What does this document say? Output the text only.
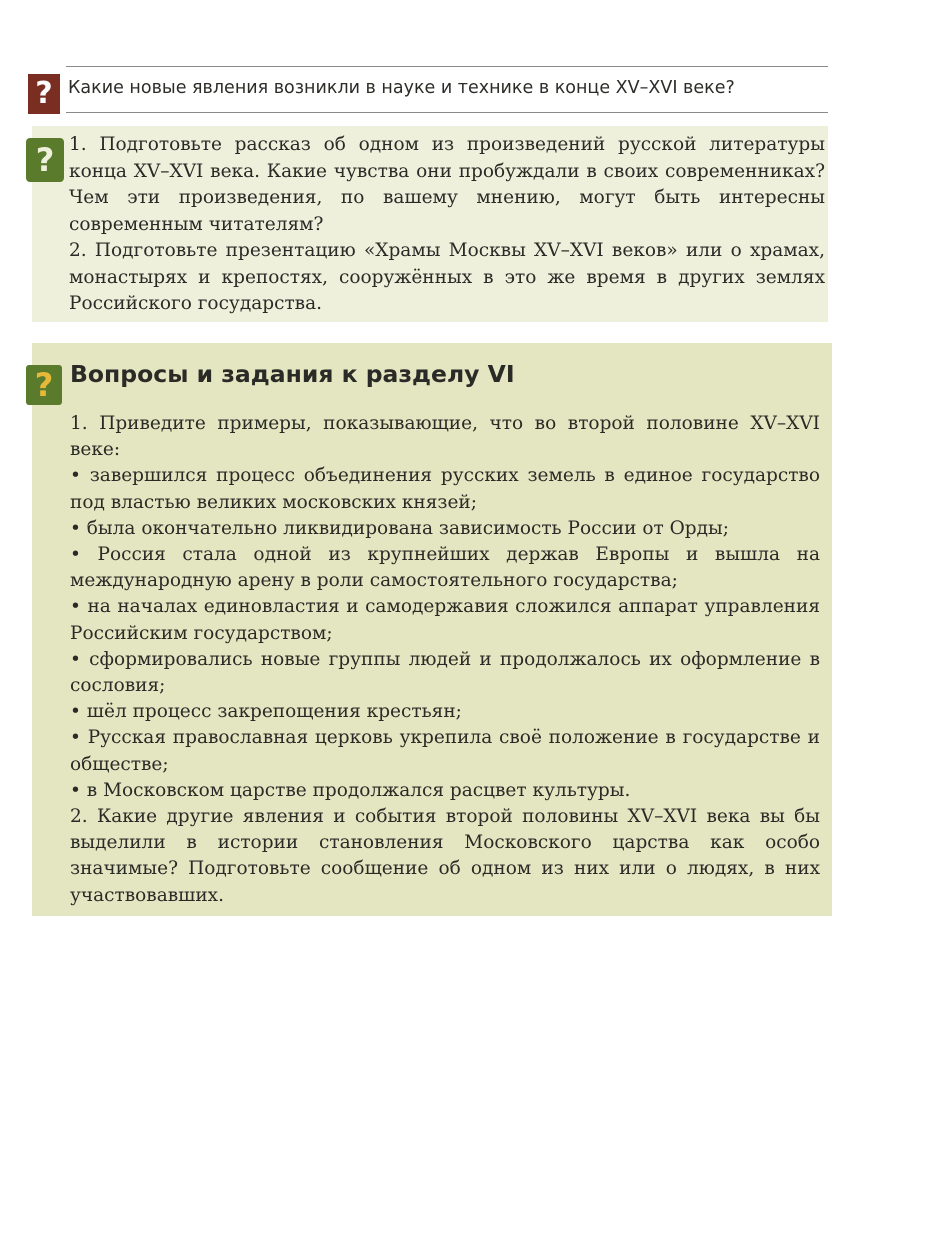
? Какие новые явления возникли в науке и технике в конце XV–XVI веке?
? 1. Подготовьте рассказ об одном из произведений русской литературы конца XV–XVI века. Какие чувства они пробуждали в своих современниках? Чем эти произведения, по вашему мнению, могут быть интересны современным читателям?

2. Подготовьте презентацию «Храмы Москвы XV–XVI веков» или о храмах, монастырях и крепостях, сооружённых в это же время в других землях Российского государства.

? Вопросы и задания к разделу VI

1. Приведите примеры, показывающие, что во второй половине XV–XVI веке:

• завершился процесс объединения русских земель в единое государство под властью великих московских князей;

• была окончательно ликвидирована зависимость России от Орды;

• Россия стала одной из крупнейших держав Европы и вышла на международную арену в роли самостоятельного государства;

• на началах единовластия и самодержавия сложился аппарат управления Российским государством;

• сформировались новые группы людей и продолжалось их оформление в сословия;

• шёл процесс закрепощения крестьян;

• Русская православная церковь укрепила своё положение в государстве и обществе;

• в Московском царстве продолжался расцвет культуры.

2. Какие другие явления и события второй половины XV–XVI века вы бы выделили в истории становления Московского царства как особо значимые? Подготовьте сообщение об одном из них или о людях, в них участвовавших.
